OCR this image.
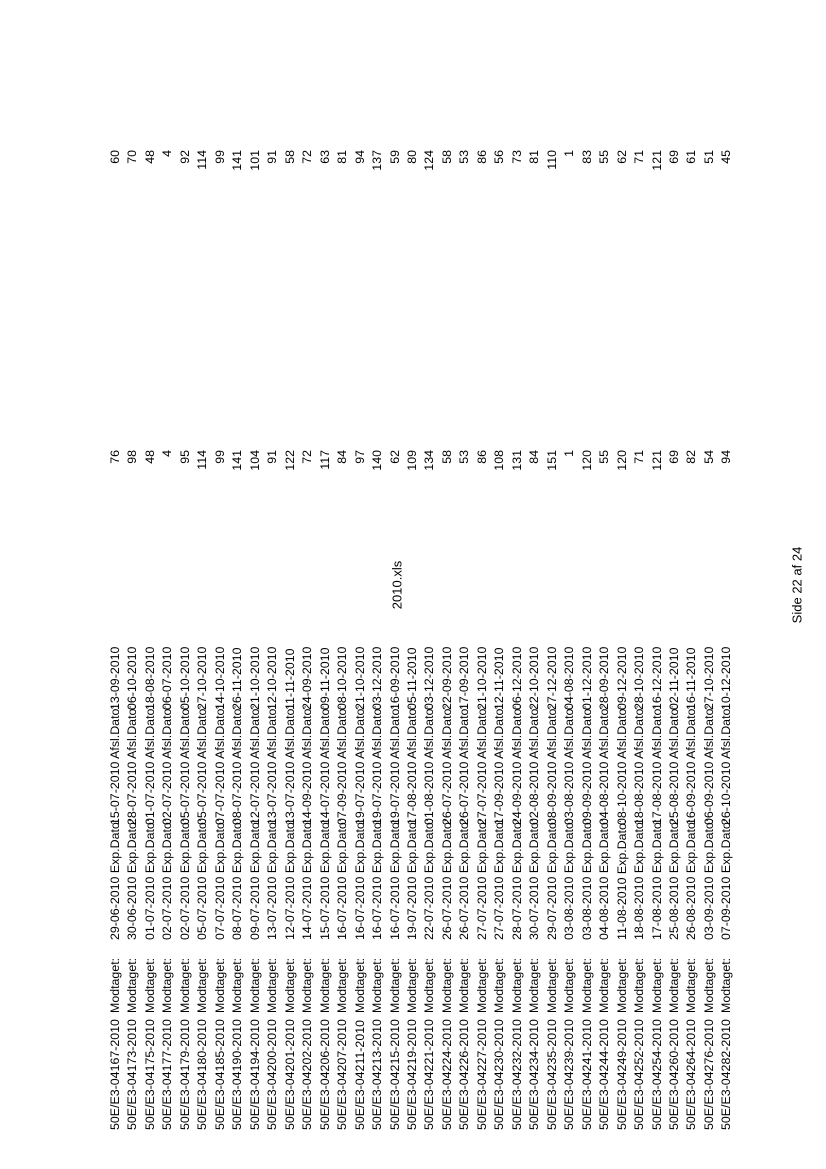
2010.xls	Side 22 af 24
50E/E3-04167-2010
Modtaget:
29-06-2010 Exp.Dato:
15-07-2010 Afsl.Dato:
13-09-2010
76
60
50E/E3-04173-2010
Modtaget:
30-06-2010 Exp.Dato:
28-07-2010 Afsl.Dato:
06-10-2010
98
70
50E/E3-04175-2010
Modtaget:
01-07-2010 Exp.Dato:
01-07-2010 Afsl.Dato:
18-08-2010
48
48
50E/E3-04177-2010
Modtaget:
02-07-2010 Exp.Dato:
02-07-2010 Afsl.Dato:
06-07-2010
4
4
50E/E3-04179-2010
Modtaget:
02-07-2010 Exp.Dato:
05-07-2010 Afsl.Dato:
05-10-2010
95
92
50E/E3-04180-2010
Modtaget:
05-07-2010 Exp.Dato:
05-07-2010 Afsl.Dato:
27-10-2010
114
114
50E/E3-04185-2010
Modtaget:
07-07-2010 Exp.Dato:
07-07-2010 Afsl.Dato:
14-10-2010
99
99
50E/E3-04190-2010
Modtaget:
08-07-2010 Exp.Dato:
08-07-2010 Afsl.Dato:
26-11-2010
141
141
50E/E3-04194-2010
Modtaget:
09-07-2010 Exp.Dato:
12-07-2010 Afsl.Dato:
21-10-2010
104
101
50E/E3-04200-2010
Modtaget:
13-07-2010 Exp.Dato:
13-07-2010 Afsl.Dato:
12-10-2010
91
91
50E/E3-04201-2010
Modtaget:
12-07-2010 Exp.Dato:
13-07-2010 Afsl.Dato:
11-11-2010
122
58
50E/E3-04202-2010
Modtaget:
14-07-2010 Exp.Dato:
14-09-2010 Afsl.Dato:
24-09-2010
72
72
50E/E3-04206-2010
Modtaget:
15-07-2010 Exp.Dato:
14-07-2010 Afsl.Dato:
09-11-2010
117
63
50E/E3-04207-2010
Modtaget:
16-07-2010 Exp.Dato:
07-09-2010 Afsl.Dato:
08-10-2010
84
81
50E/E3-04211-2010
Modtaget:
16-07-2010 Exp.Dato:
19-07-2010 Afsl.Dato:
21-10-2010
97
94
50E/E3-04213-2010
Modtaget:
16-07-2010 Exp.Dato:
19-07-2010 Afsl.Dato:
03-12-2010
140
137
50E/E3-04215-2010
Modtaget:
16-07-2010 Exp.Dato:
19-07-2010 Afsl.Dato:
16-09-2010
62
59
50E/E3-04219-2010
Modtaget:
19-07-2010 Exp.Dato:
17-08-2010 Afsl.Dato:
05-11-2010
109
80
50E/E3-04221-2010
Modtaget:
22-07-2010 Exp.Dato:
01-08-2010 Afsl.Dato:
03-12-2010
134
124
50E/E3-04224-2010
Modtaget:
26-07-2010 Exp.Dato:
26-07-2010 Afsl.Dato:
22-09-2010
58
58
50E/E3-04226-2010
Modtaget:
26-07-2010 Exp.Dato:
26-07-2010 Afsl.Dato:
17-09-2010
53
53
50E/E3-04227-2010
Modtaget:
27-07-2010 Exp.Dato:
27-07-2010 Afsl.Dato:
21-10-2010
86
86
50E/E3-04230-2010
Modtaget:
27-07-2010 Exp.Dato:
17-09-2010 Afsl.Dato:
12-11-2010
108
56
50E/E3-04232-2010
Modtaget:
28-07-2010 Exp.Dato:
24-09-2010 Afsl.Dato:
06-12-2010
131
73
50E/E3-04234-2010
Modtaget:
30-07-2010 Exp.Dato:
02-08-2010 Afsl.Dato:
22-10-2010
84
81
50E/E3-04235-2010
Modtaget:
29-07-2010 Exp.Dato:
08-09-2010 Afsl.Dato:
27-12-2010
151
110
50E/E3-04239-2010
Modtaget:
03-08-2010 Exp.Dato:
03-08-2010 Afsl.Dato:
04-08-2010
1
1
50E/E3-04241-2010
Modtaget:
03-08-2010 Exp.Dato:
09-09-2010 Afsl.Dato:
01-12-2010
120
83
50E/E3-04244-2010
Modtaget:
04-08-2010 Exp.Dato:
04-08-2010 Afsl.Dato:
28-09-2010
55
55
50E/E3-04249-2010
Modtaget:
11-08-2010 Exp.Dato:
08-10-2010 Afsl.Dato:
09-12-2010
120
62
50E/E3-04252-2010
Modtaget:
18-08-2010 Exp.Dato:
18-08-2010 Afsl.Dato:
28-10-2010
71
71
50E/E3-04254-2010
Modtaget:
17-08-2010 Exp.Dato:
17-08-2010 Afsl.Dato:
16-12-2010
121
121
50E/E3-04260-2010
Modtaget:
25-08-2010 Exp.Dato:
25-08-2010 Afsl.Dato:
02-11-2010
69
69
50E/E3-04264-2010
Modtaget:
26-08-2010 Exp.Dato:
16-09-2010 Afsl.Dato:
16-11-2010
82
61
50E/E3-04276-2010
Modtaget:
03-09-2010 Exp.Dato:
06-09-2010 Afsl.Dato:
27-10-2010
54
51
50E/E3-04282-2010
Modtaget:
07-09-2010 Exp.Dato:
26-10-2010 Afsl.Dato:
10-12-2010
94
45
